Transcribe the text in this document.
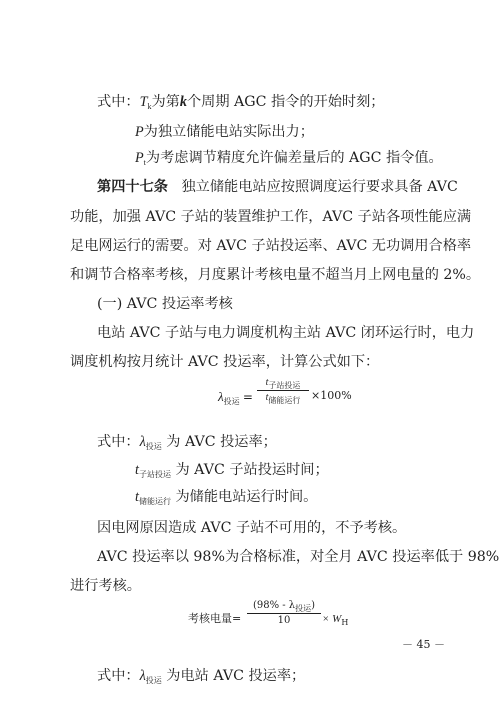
式中：$T_k$为第k个周期 AGC 指令的开始时刻；
P为独立储能电站实际出力；
$P_t$为考虑调节精度允许偏差量后的 AGC 指令值。
第四十七条 独立储能电站应按照调度运行要求具备 AVC
功能，加强 AVC 子站的装置维护工作，AVC 子站各项性能应满
足电网运行的需要。对 AVC 子站投运率、AVC 无功调用合格率
和调节合格率考核，月度累计考核电量不超当月上网电量的 2%。
(一) AVC 投运率考核
电站 AVC 子站与电力调度机构主站 AVC 闭环运行时，电力
调度机构按月统计 AVC 投运率，计算公式如下：
$\lambda_{投运}$ =
$t_{子站投运}$
$t_{储能运行} \times 100\%$
式中：$\lambda_{投运}$ 为 AVC 投运率；
$t_{子站投运}$ 为 AVC 子站投运时间；
$t_{储能运行}$ 为储能电站运行时间。
因电网原因造成 AVC 子站不可用的，不予考核。
AVC 投运率以 98%为合格标准，对全月 AVC 投运率低于 98%
进行考核。
考核电量=
$(98\% - \lambda_{投运})$
10	× $W_H$
式中：$\lambda_{投运}$ 为电站 AVC 投运率；
－ 45 －
